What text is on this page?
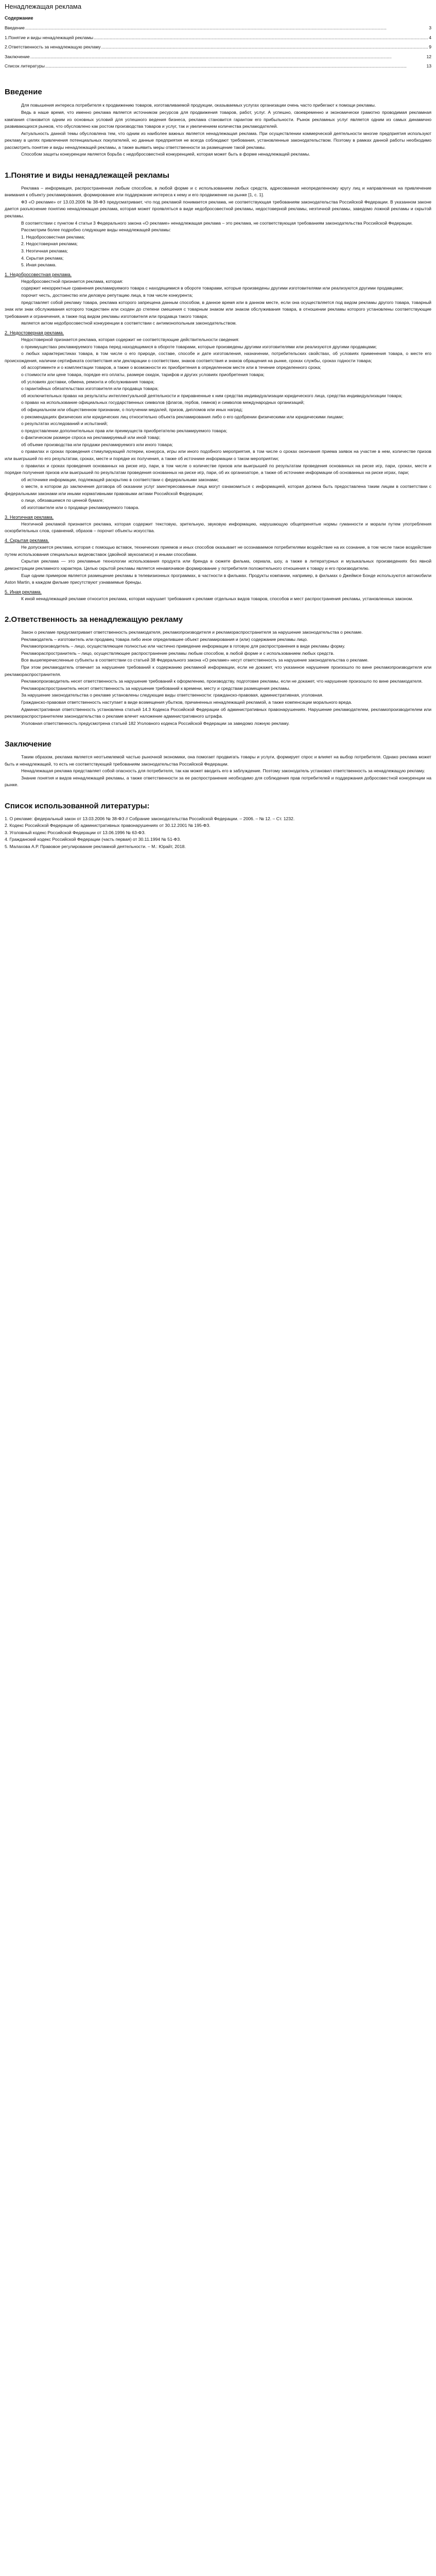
Ненадлежащая реклама
Содержание
Введение .....	3
1.Понятие и виды ненадлежащей рекламы .....	4
2.Ответственность за ненадлежащую рекламу .....	9
Заключение .....	12
Список литературы .....	13
Введение

Для повышения интереса потребителя к продвижению товаров, изготавливаемой продукции, оказываемых услугах организации очень часто прибегают к помощи рекламы.

Ведь в наше время, что именно реклама является источником ресурсов для продвижения товаров, работ, услуг. А успешно, своевременно и экономически грамотно проводимая рекламная кампания становится одним из основных условий для успешного ведения бизнеса, реклама становится гарантом его прибыльности. Рынок рекламных услуг является одним из самых динамично развивающихся рынков, что обусловлено как ростом производства товаров и услуг, так и увеличением количества рекламодателей.

Актуальность данной темы обусловлена тем, что одним из наиболее важных является ненадлежащая реклама. При осуществлении коммерческой деятельности многие предприятия используют рекламу в целях привлечения потенциальных покупателей, но данные предприятия не всегда соблюдают требования, установленные законодательством. Поэтому в рамках данной работы необходимо рассмотреть понятие и виды ненадлежащей рекламы, а также выявить меры ответственности за размещение такой рекламы.

Способом защиты конкуренции является борьба с недобросовестной конкуренцией, которая может быть в форме ненадлежащей рекламы.

1.Понятие и виды ненадлежащей рекламы

Реклама – информация, распространенная любым способом, в любой форме и с использованием любых средств, адресованная неопределенному кругу лиц и направленная на привлечение внимания к объекту рекламирования, формирование или поддержание интереса к нему и его продвижение на рынке [1, с. 1].

ФЗ «О рекламе» от 13.03.2006 № 38-ФЗ предусматривает, что под рекламой понимается реклама, не соответствующая требованиям законодательства Российской Федерации. В указанном законе дается разъяснение понятию ненадлежащая реклама, которая может проявляться в виде недобросовестной рекламы, недостоверной рекламы, неэтичной рекламы, заведомо ложной рекламы и скрытой рекламы.

В соответствии с пунктом 4 статьи 3 Федерального закона «О рекламе» ненадлежащая реклама – это реклама, не соответствующая требованиям законодательства Российской Федерации.

Рассмотрим более подробно следующие виды ненадлежащей рекламы:

1. Недобросовестная реклама;

2. Недостоверная реклама;

3. Неэтичная реклама;

4. Скрытая реклама;

5. Иная реклама.

1. Недобросовестная реклама.

Недобросовестной признается реклама, которая:

содержит некорректные сравнения рекламируемого товара с находящимися в обороте товарами, которые произведены другими изготовителями или реализуются другими продавцами;

порочит честь, достоинство или деловую репутацию лица, в том числе конкурента;

представляет собой рекламу товара, реклама которого запрещена данным способом, в данное время или в данном месте, если она осуществляется под видом рекламы другого товара, товарный знак или знак обслуживания которого тождествен или сходен до степени смешения с товарным знаком или знаком обслуживания товара, в отношении рекламы которого установлены соответствующие требования и ограничения, а также под видом рекламы изготовителя или продавца такого товара;

является актом недобросовестной конкуренции в соответствии с антимонопольным законодательством.

2. Недостоверная реклама.

Недостоверной признается реклама, которая содержит не соответствующие действительности сведения:

о преимуществах рекламируемого товара перед находящимися в обороте товарами, которые произведены другими изготовителями или реализуются другими продавцами;

о любых характеристиках товара, в том числе о его природе, составе, способе и дате изготовления, назначении, потребительских свойствах, об условиях применения товара, о месте его происхождения, наличии сертификата соответствия или декларации о соответствии, знаков соответствия и знаков обращения на рынке, сроках службы, сроках годности товара;

об ассортименте и о комплектации товаров, а также о возможности их приобретения в определенном месте или в течение определенного срока;

о стоимости или цене товара, порядке его оплаты, размере скидок, тарифов и других условиях приобретения товара;

об условиях доставки, обмена, ремонта и обслуживания товара;

о гарантийных обязательствах изготовителя или продавца товара;

об исключительных правах на результаты интеллектуальной деятельности и приравненные к ним средства индивидуализации юридического лица, средства индивидуализации товара;

о правах на использование официальных государственных символов (флагов, гербов, гимнов) и символов международных организаций;

об официальном или общественном признании, о получении медалей, призов, дипломов или иных наград;

о рекомендациях физических или юридических лиц относительно объекта рекламирования либо о его одобрении физическими или юридическими лицами;

о результатах исследований и испытаний;

о предоставлении дополнительных прав или преимуществ приобретателю рекламируемого товара;

о фактическом размере спроса на рекламируемый или иной товар;

об объеме производства или продажи рекламируемого или иного товара;

о правилах и сроках проведения стимулирующей лотереи, конкурса, игры или иного подобного мероприятия, в том числе о сроках окончания приема заявок на участие в нем, количестве призов или выигрышей по его результатам, сроках, месте и порядке их получения, а также об источнике информации о таком мероприятии;

о правилах и сроках проведения основанных на риске игр, пари, в том числе о количестве призов или выигрышей по результатам проведения основанных на риске игр, пари, сроках, месте и порядке получения призов или выигрышей по результатам проведения основанных на риске игр, пари, об их организаторе, а также об источнике информации об основанных на риске играх, пари;

об источнике информации, подлежащей раскрытию в соответствии с федеральными законами;

о месте, в котором до заключения договора об оказании услуг заинтересованные лица могут ознакомиться с информацией, которая должна быть предоставлена таким лицам в соответствии с федеральными законами или иными нормативными правовыми актами Российской Федерации;

о лице, обязавшемся по ценной бумаге;

об изготовителе или о продавце рекламируемого товара.

3. Неэтичная реклама.

Неэтичной рекламой признается реклама, которая содержит текстовую, зрительную, звуковую информацию, нарушающую общепринятые нормы гуманности и морали путем употребления оскорбительных слов, сравнений, образов – порочит объекты искусства.

4. Скрытая реклама.

Не допускается реклама, которая с помощью вставок, технических приемов и иных способов оказывает не осознаваемое потребителями воздействие на их сознание, в том числе такое воздействие путем использования специальных видеовставок (двойной звукозаписи) и иными способами.

Скрытая реклама — это рекламные технологии использования продукта или бренда в сюжете фильма, сериала, шоу, а также в литературных и музыкальных произведениях без явной демонстрации рекламного характера. Целью скрытой рекламы является ненавязчивое формирование у потребителя положительного отношения к товару и его производителю.

Еще одним примером является размещение рекламы в телевизионных программах, в частности в фильмах. Продукты компании, например, в фильмах о Джеймсе Бонде используются автомобили Aston Martin, в каждом фильме присутствуют узнаваемые бренды.

5. Иная реклама.

К иной ненадлежащей рекламе относится реклама, которая нарушает требования к рекламе отдельных видов товаров, способов и мест распространения рекламы, установленных законом.

2.Ответственность за ненадлежащую рекламу

Закон о рекламе предусматривает ответственность рекламодателя, рекламопроизводителя и рекламораспространителя за нарушение законодательства о рекламе.

Рекламодатель – изготовитель или продавец товара либо иное определившее объект рекламирования и (или) содержание рекламы лицо.

Рекламопроизводитель – лицо, осуществляющее полностью или частично приведение информации в готовую для распространения в виде рекламы форму.

Рекламораспространитель – лицо, осуществляющее распространение рекламы любым способом, в любой форме и с использованием любых средств.

Все вышеперечисленные субъекты в соответствии со статьей 38 Федерального закона «О рекламе» несут ответственность за нарушение законодательства о рекламе.

При этом рекламодатель отвечает за нарушение требований к содержанию рекламной информации, если не докажет, что указанное нарушение произошло по вине рекламопроизводителя или рекламораспространителя.

Рекламопроизводитель несет ответственность за нарушение требований к оформлению, производству, подготовке рекламы, если не докажет, что нарушение произошло по вине рекламодателя.

Рекламораспространитель несет ответственность за нарушение требований к времени, месту и средствам размещения рекламы.

За нарушение законодательства о рекламе установлены следующие виды ответственности: гражданско-правовая, административная, уголовная.

Гражданско-правовая ответственность наступает в виде возмещения убытков, причиненных ненадлежащей рекламой, а также компенсации морального вреда.

Административная ответственность установлена статьей 14.3 Кодекса Российской Федерации об административных правонарушениях. Нарушение рекламодателем, рекламопроизводителем или рекламораспространителем законодательства о рекламе влечет наложение административного штрафа.

Уголовная ответственность предусмотрена статьей 182 Уголовного кодекса Российской Федерации за заведомо ложную рекламу.

Заключение

Таким образом, реклама является неотъемлемой частью рыночной экономики, она помогает продвигать товары и услуги, формирует спрос и влияет на выбор потребителя. Однако реклама может быть и ненадлежащей, то есть не соответствующей требованиям законодательства Российской Федерации.

Ненадлежащая реклама представляет собой опасность для потребителя, так как может вводить его в заблуждение. Поэтому законодатель установил ответственность за ненадлежащую рекламу.

Знание понятия и видов ненадлежащей рекламы, а также ответственности за ее распространение необходимо для соблюдения прав потребителей и поддержания добросовестной конкуренции на рынке.

Список использованной литературы:

1. О рекламе: федеральный закон от 13.03.2006 № 38-ФЗ // Собрание законодательства Российской Федерации. – 2006. – № 12. – Ст. 1232.

2. Кодекс Российской Федерации об административных правонарушениях от 30.12.2001 № 195-ФЗ.

3. Уголовный кодекс Российской Федерации от 13.06.1996 № 63-ФЗ.

4. Гражданский кодекс Российской Федерации (часть первая) от 30.11.1994 № 51-ФЗ.

5. Малахова А.Р. Правовое регулирование рекламной деятельности. – М.: Юрайт, 2018.
